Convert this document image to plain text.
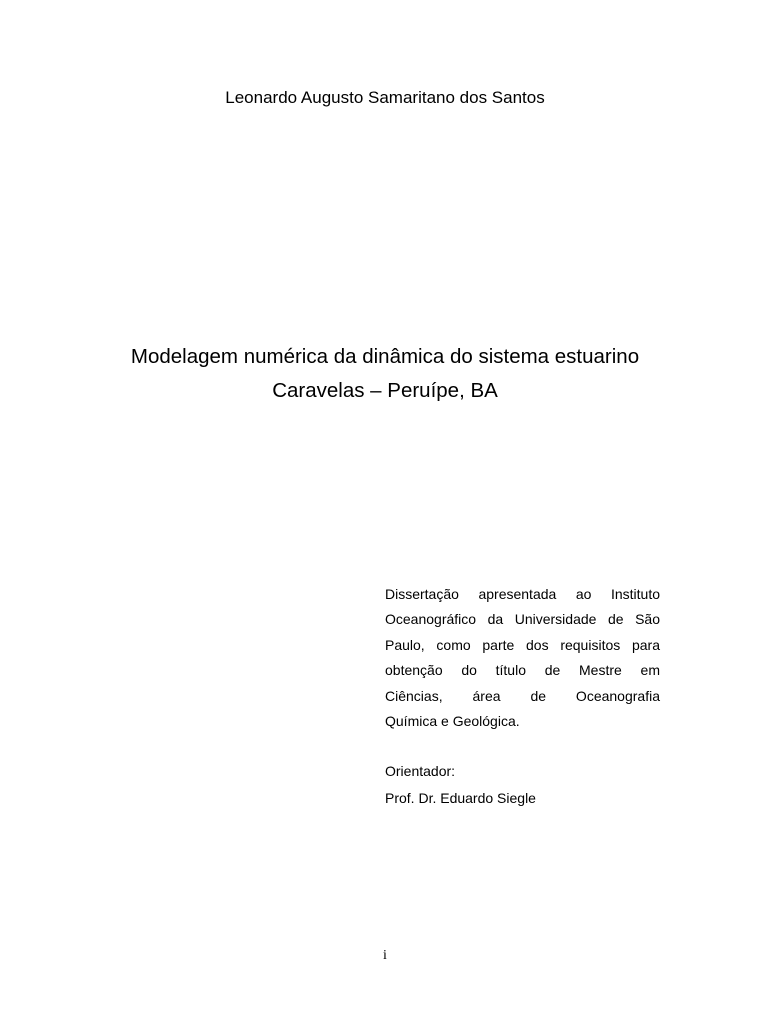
Leonardo Augusto Samaritano dos Santos
Modelagem numérica da dinâmica do sistema estuarino
Caravelas – Peruípe, BA
Dissertação apresentada ao Instituto
Oceanográfico da Universidade de São
Paulo, como parte dos requisitos para
obtenção do título de Mestre em
Ciências, área de Oceanografia
Química e Geológica.
Orientador:
Prof. Dr. Eduardo Siegle
i
